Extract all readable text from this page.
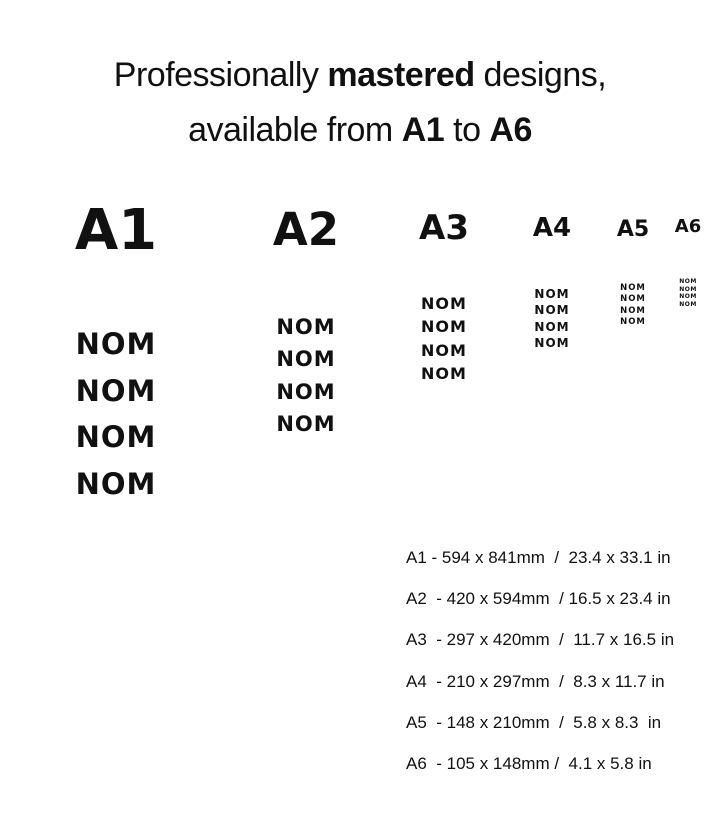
Professionally mastered designs,
available from A1 to A6
A1
NOM
NOM
NOM
NOM
A2
NOM
NOM
NOM
NOM
A3
NOM
NOM
NOM
NOM
A4
NOM
NOM
NOM
NOM
A5
NOM
NOM
NOM
NOM
A6
NOM
NOM
NOM
NOM
A1 - 594 x 841mm  /  23.4 x 33.1 in
A2  - 420 x 594mm  / 16.5 x 23.4 in
A3  - 297 x 420mm  /  11.7 x 16.5 in
A4  - 210 x 297mm  /  8.3 x 11.7 in
A5  - 148 x 210mm  /  5.8 x 8.3  in
A6  - 105 x 148mm /  4.1 x 5.8 in
